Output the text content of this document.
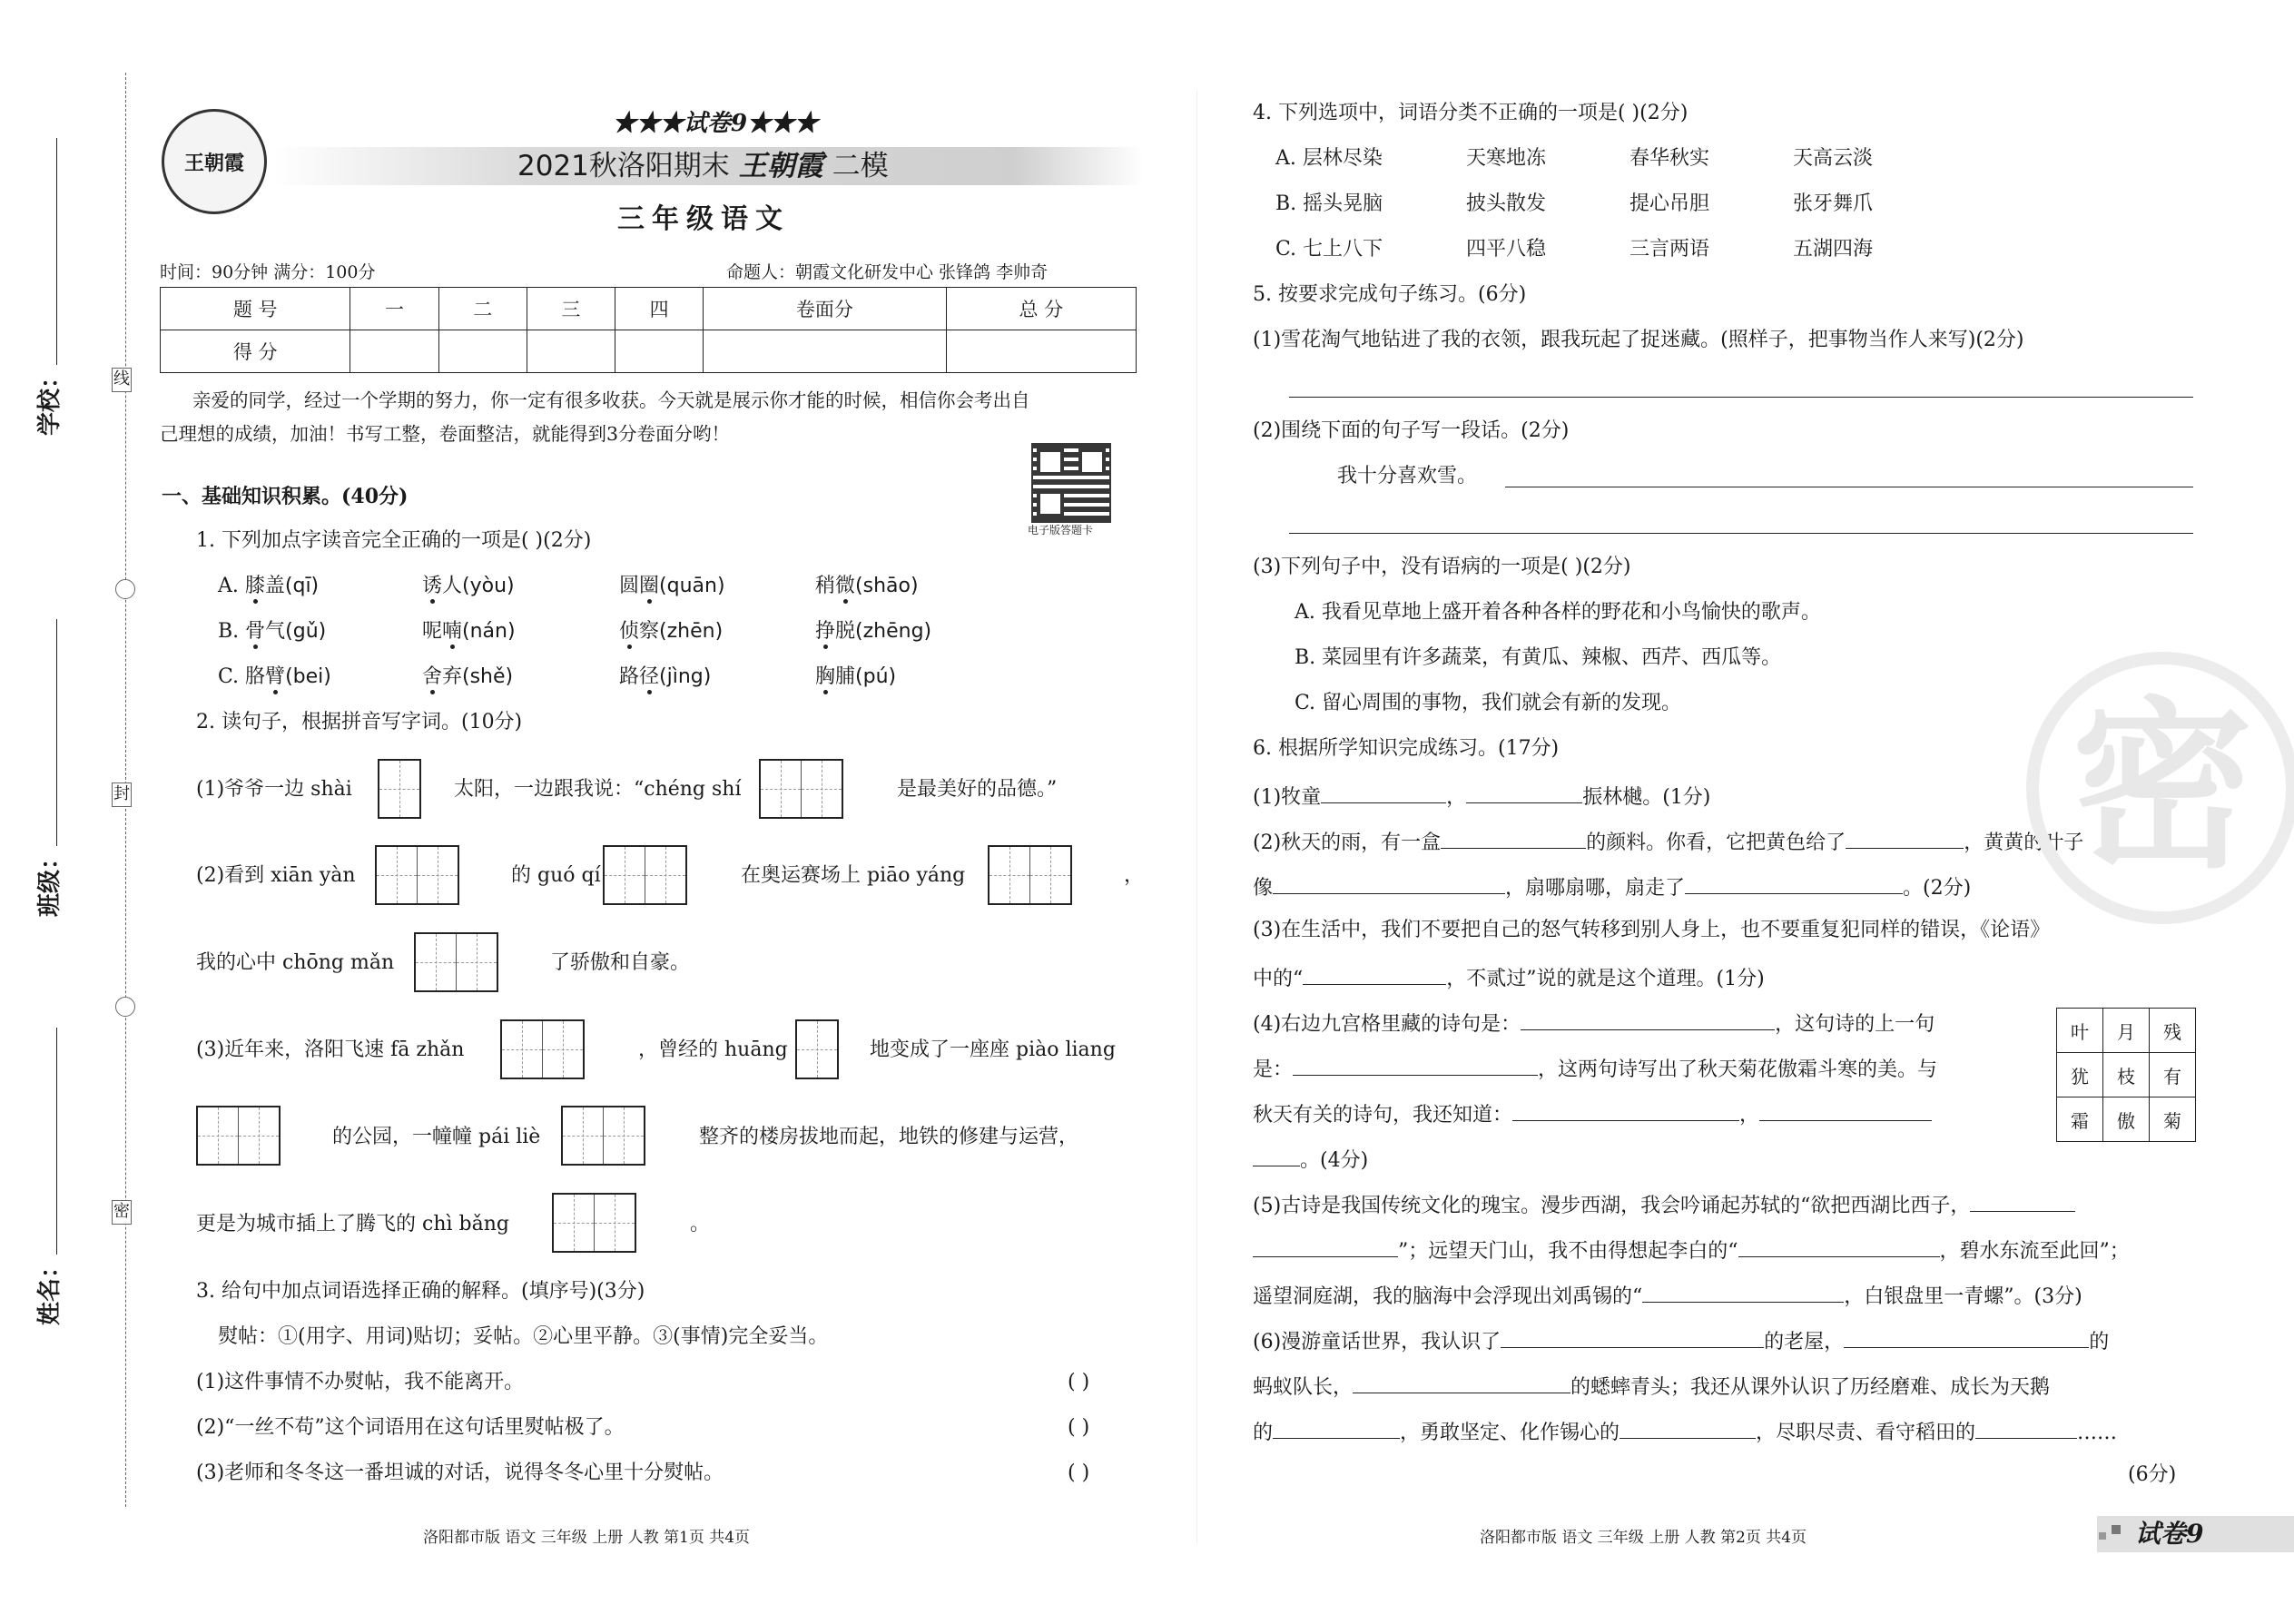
线
封
密
学校：
班级：
姓名：
王朝霞
★★★试卷9★★★
2021秋洛阳期末 王朝霞 二模
三年级语文
时间：90分钟 满分：100分	命题人：朝霞文化研发中心 张锋鸽 李帅奇
题 号	一	二	三	四	卷面分	总 分
得 分						
亲爱的同学，经过一个学期的努力，你一定有很多收获。今天就是展示你才能的时候，相信你会考出自
己理想的成绩，加油！书写工整，卷面整洁，就能得到3分卷面分哟！
电子版答题卡
一、基础知识积累。(40分)
1. 下列加点字读音完全正确的一项是( )(2分)
A. 膝盖(qī)	诱人(yòu)	圆圈(quān)	稍微(shāo)
B. 骨气(gǔ)	呢喃(nán)	侦察(zhēn)	挣脱(zhēng)
C. 胳臂(bei)	舍弃(shě)	路径(jìng)	胸脯(pú)
2. 读句子，根据拼音写字词。(10分)
(1)爷爷一边 shài	太阳，一边跟我说：“chéng shí	是最美好的品德。”
(2)看到 xiān yàn	的 guó qí	在奥运赛场上 piāo yáng	，
我的心中 chōng mǎn	了骄傲和自豪。
(3)近年来，洛阳飞速 fā zhǎn	，曾经的 huāng	地变成了一座座 piào liang
的公园，一幢幢 pái liè	整齐的楼房拔地而起，地铁的修建与运营，
更是为城市插上了腾飞的 chì bǎng	。
3. 给句中加点词语选择正确的解释。(填序号)(3分)
熨帖：①(用字、用词)贴切；妥帖。②心里平静。③(事情)完全妥当。
(1)这件事情不办熨帖，我不能离开。	( )
(2)“一丝不苟”这个词语用在这句话里熨帖极了。	( )
(3)老师和冬冬这一番坦诚的对话，说得冬冬心里十分熨帖。	( )
洛阳都市版 语文 三年级 上册 人教 第1页 共4页
4. 下列选项中，词语分类不正确的一项是( )(2分)
A. 层林尽染	天寒地冻	春华秋实	天高云淡
B. 摇头晃脑	披头散发	提心吊胆	张牙舞爪
C. 七上八下	四平八稳	三言两语	五湖四海
5. 按要求完成句子练习。(6分)
(1)雪花淘气地钻进了我的衣领，跟我玩起了捉迷藏。(照样子，把事物当作人来写)(2分)
(2)围绕下面的句子写一段话。(2分)
我十分喜欢雪。
(3)下列句子中，没有语病的一项是( )(2分)
A. 我看见草地上盛开着各种各样的野花和小鸟愉快的歌声。
B. 菜园里有许多蔬菜，有黄瓜、辣椒、西芹、西瓜等。
C. 留心周围的事物，我们就会有新的发现。
6. 根据所学知识完成练习。(17分)
(1)牧童	，	振林樾。(1分)
(2)秋天的雨，有一盒	的颜料。你看，它把黄色给了	，黄黄的叶子
像	，扇哪扇哪，扇走了	。(2分)
(3)在生活中，我们不要把自己的怒气转移到别人身上，也不要重复犯同样的错误，《论语》
中的“	，不贰过”说的就是这个道理。(1分)
(4)右边九宫格里藏的诗句是：	，这句诗的上一句
是：	，这两句诗写出了秋天菊花傲霜斗寒的美。与
秋天有关的诗句，我还知道：	，
。(4分)
叶	月	残
犹	枝	有
霜	傲	菊
(5)古诗是我国传统文化的瑰宝。漫步西湖，我会吟诵起苏轼的“欲把西湖比西子，
”；远望天门山，我不由得想起李白的“	，碧水东流至此回”；
遥望洞庭湖，我的脑海中会浮现出刘禹锡的“	，白银盘里一青螺”。(3分)
(6)漫游童话世界，我认识了	的老屋，	的
蚂蚁队长，	的蟋蟀青头；我还从课外认识了历经磨难、成长为天鹅
的	，勇敢坚定、化作锡心的	，尽职尽责、看守稻田的	……
(6分)
洛阳都市版 语文 三年级 上册 人教 第2页 共4页	试卷9
密
